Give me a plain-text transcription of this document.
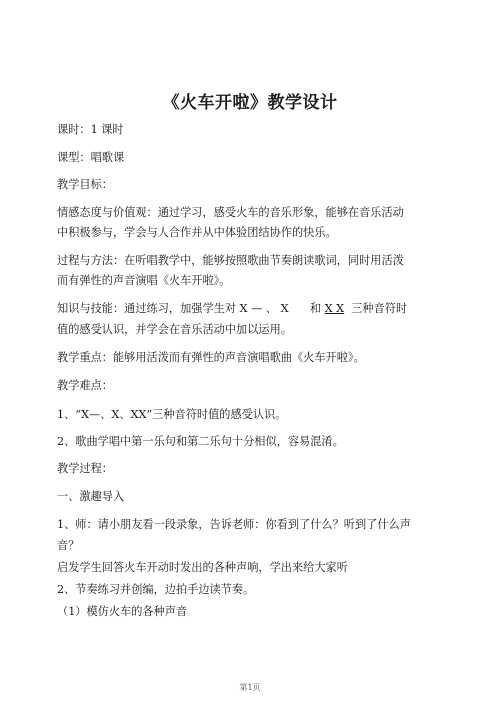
《火车开啦》教学设计
课时：1 课时
课型：唱歌课
教学目标：
情感态度与价值观：通过学习，感受火车的音乐形象，能够在音乐活动
中积极参与，学会与人合作并从中体验团结协作的快乐。
过程与方法：在听唱教学中，能够按照歌曲节奏朗读歌词，同时用活泼
而有弹性的声音演唱《火车开啦》。
知识与技能：通过练习，加强学生对 X — 、 X      和 X X  三种音符时
值的感受认识，并学会在音乐活动中加以运用。
教学重点：能够用活泼而有弹性的声音演唱歌曲《火车开啦》。
教学难点：
1、“X—、X、XX”三种音符时值的感受认识。
2、歌曲学唱中第一乐句和第二乐句十分相似，容易混淆。
教学过程：
一、激趣导入
1、师：请小朋友看一段录象，告诉老师：你看到了什么？听到了什么声
音？
启发学生回答火车开动时发出的各种声响，学出来给大家听
2、节奏练习并创编，边拍手边读节奏。
（1）模仿火车的各种声音
第1页
